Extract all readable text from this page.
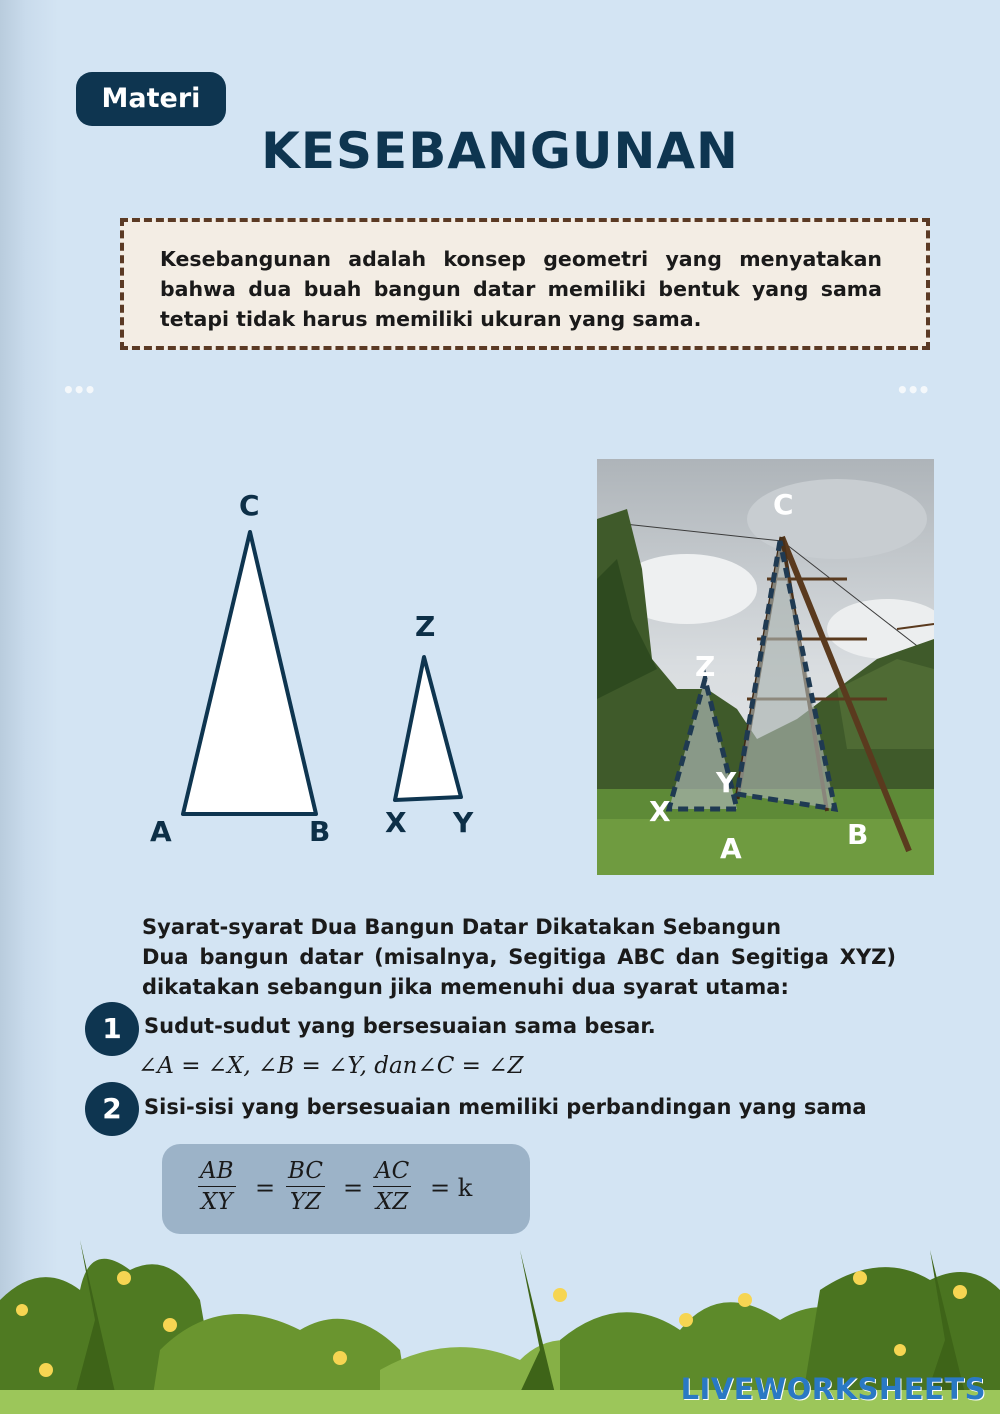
Materi
KESEBANGUNAN

Kesebangunan adalah konsep geometri yang menyatakan bahwa dua buah bangun datar memiliki bentuk yang sama tetapi tidak harus memiliki ukuran yang sama.

•••	•••
C
A	B
Z
X Y
C
Z
Y
X
A	B

Syarat-syarat Dua Bangun Datar Dikatakan Sebangun

Dua bangun datar (misalnya, Segitiga ABC dan Segitiga XYZ) dikatakan sebangun jika memenuhi dua syarat utama:

1	Sudut-sudut yang bersesuaian sama besar.
∠A = ∠X, ∠B = ∠Y, dan∠C = ∠Z
2	Sisi-sisi yang bersesuaian memiliki perbandingan yang sama
$\frac{AB}{XY} = \frac{BC}{YZ} = \frac{AC}{XZ} = k$
LIVEWORKSHEETS
